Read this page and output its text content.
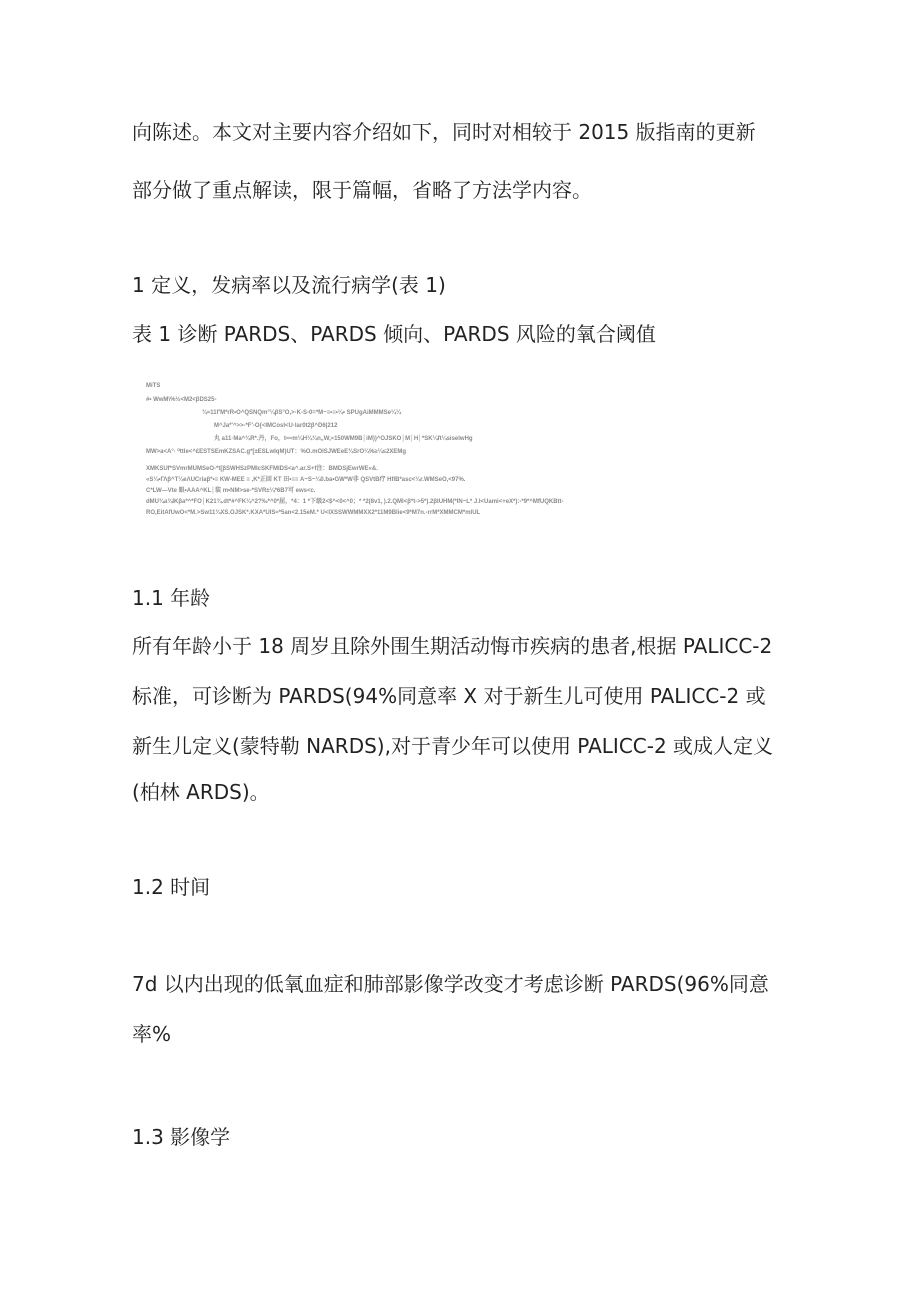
向陈述。本文对主要内容介绍如下，同时对相较于 2015 版指南的更新
部分做了重点解读，限于篇幅，省略了方法学内容。
1 定义，发病率以及流行病学(表 1)
表 1 诊断 PARDS、PARDS 倾向、PARDS 风险的氧合阈值
MiTS
#• WwM\%½<M2<βDS25-
¾≈11f'M*rR•O^QSNQm°¼βS°O,>·K-S-0=*M~≡•≡•¼• SPUgAiMMMSe¼¼
M^Ja*'^>>-*F'-O{<IMCosI<U·Iar0t2β^D6|212
丸 a11·Ma^¾R*.丹，Fo，t≈≈m¼H¼¾n„W,≈150WM9B│iM))^OJSKO│M│H│*SK¼ft¼siselwHg
MW>a<A°· ⁰ttle<^£ESTSEmKZSAC.g*[±ESLwIqM)UT：%O.mOlSJWEeE¾SrO¼%≥¼≤2XEMg
XMKSUf*SVmrMUMSeO-*t[βSWHSzPMIcSKFMIDS<a^.ar.S+f注：BMDSjEwrWE«&.
«S¼•ΓΛβ^T¼eΛUCriaβ*•≡ KW-MEE ≡ ,K*正回 KT 田•≡≡ A~S~¼0.ba•GW*W非 QSVtB疗 HflB*asc<¼r.WMSeO,<97%.
C*LW—Vte 眼•AAA^KL│装 m•NM>se-*SVR±¼*6B7可 ews<c.
dMU¾a¾IKβa*^*FO│K21¾.dt*#^FK¼^2?‰*^0*屈，*4：1 *下级2<$^<0<^0；* *2(8v1，).2.QMI<β*t->5*).2βIUHM(*IN~L* J.I<Uami<+eX*):-*9*^MfUQKBtt-
RO,EitAfUwO<*M.>Sw11¾XS.OJSK*.KXA*UIS≈*5an<2.15eM.* U<IXSSWWMMXX2*11M9Blie<9*M7n.-rrM*XMMCM*mlUL
1.1 年龄
所有年龄小于 18 周岁且除外围生期活动悔市疾病的患者,根据 PALICC-2
标准，可诊断为 PARDS(94%同意率 X 对于新生儿可使用 PALICC-2 或
新生儿定义(蒙特勒 NARDS),对于青少年可以使用 PALICC-2 或成人定义
(柏林 ARDS)。
1.2 时间
7d 以内出现的低氧血症和肺部影像学改变才考虑诊断 PARDS(96%同意
率%
1.3 影像学
